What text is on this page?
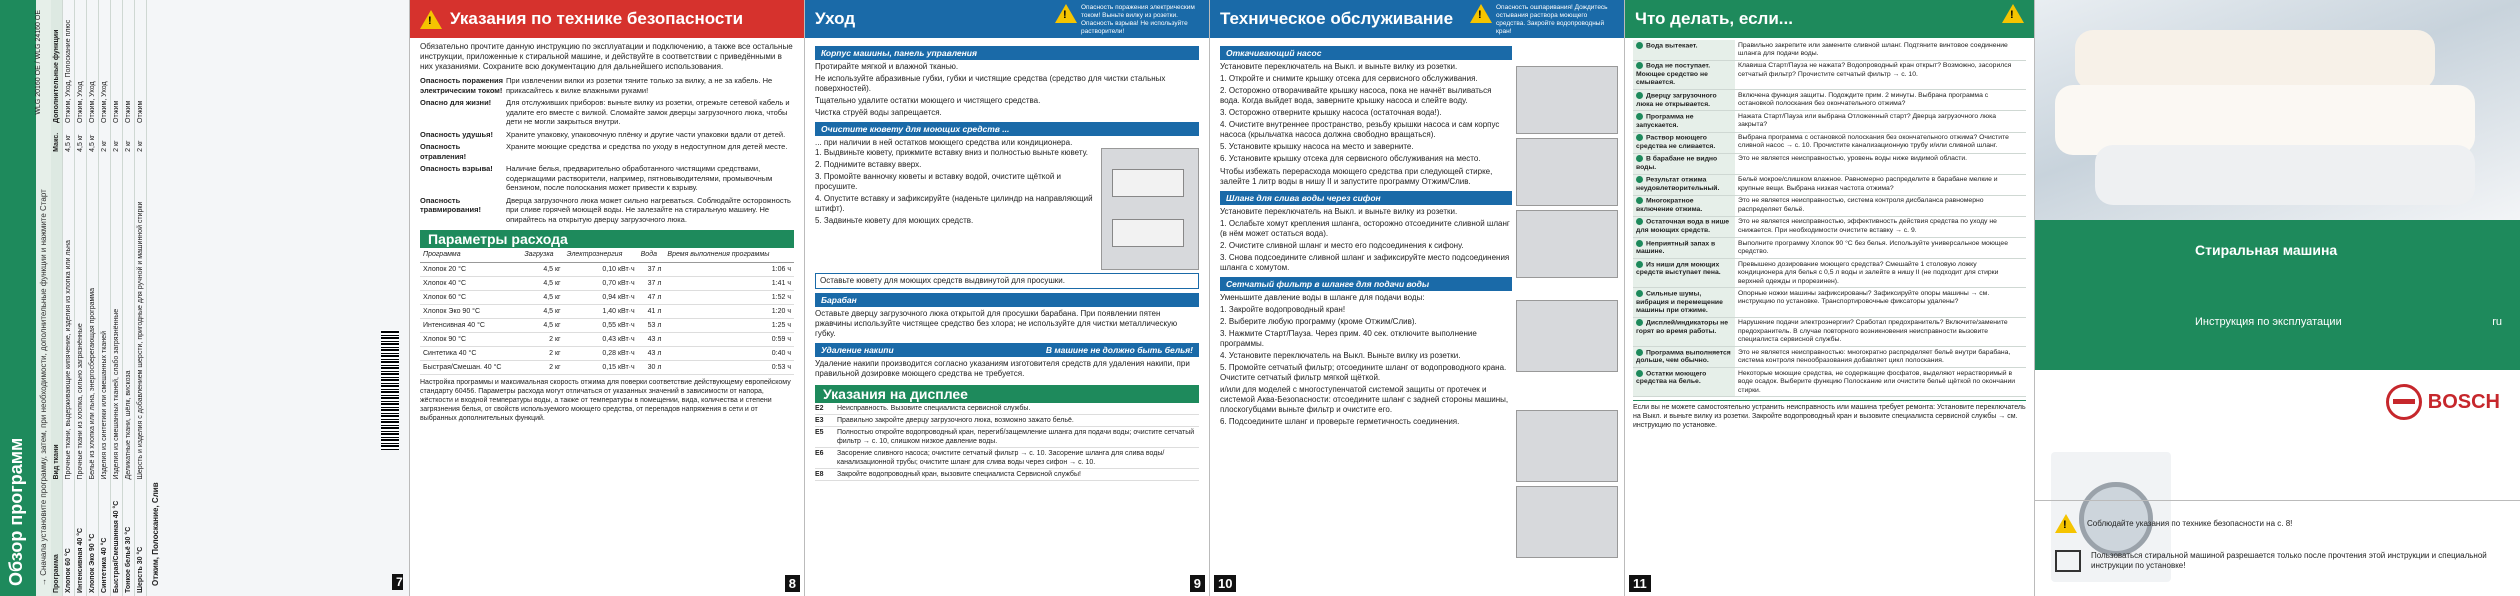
Обзор программ	→ Сначала установите программу, затем, при необходимости, дополнительные функции и нажмите Старт Программа	Вид ткани	Макс.	Дополнительные функции
Хлопок 60 °C	Прочные ткани, выдерживающие кипячение, изделия из хлопка или льна	4,5 кг	Отжим, Уход, Полоскание плюс
Интенсивная 40 °C	Прочные ткани из хлопка, сильно загрязнённые	4,5 кг	Отжим, Уход
Хлопок Эко 90 °C	Бельё из хлопка или льна, энергосберегающая программа	4,5 кг	Отжим, Уход
Синтетика 40 °C	Изделия из синтетики или смешанных тканей	2 кг	Отжим, Уход
Быстрая/Смешанная 40 °C	Изделия из смешанных тканей, слабо загрязнённые	2 кг	Отжим
Тонкое бельё 30 °C	Деликатные ткани, шёлк, вискоза	2 кг	Отжим
Шерсть 30 °C	Шерсть и изделия с добавлением шерсти, пригодные для ручной и машинной стирки	2 кг	Отжим
Отжим, Полоскание, Слив
WLG 20160 OE / WLG 24160 OE
7
! Указания по технике безопасности
Обязательно прочтите данную инструкцию по эксплуатации и подключению, а также все остальные инструкции, приложенные к стиральной машине, и действуйте в соответствии с приведёнными в них указаниями. Сохраните всю документацию для дальнейшего использования.
Опасность поражения электрическим током!
При извлечении вилки из розетки тяните только за вилку, а не за кабель. Не прикасайтесь к вилке влажными руками!
Опасно для жизни!	Для отслуживших приборов: выньте вилку из розетки, отрежьте сетевой кабель и удалите его вместе с вилкой. Сломайте замок дверцы загрузочного люка, чтобы дети не могли закрыться внутри.
Опасность удушья!	Храните упаковку, упаковочную плёнку и другие части упаковки вдали от детей.
Опасность отравления!
Храните моющие средства и средства по уходу в недоступном для детей месте.
Опасность взрыва!	Наличие белья, предварительно обработанного чистящими средствами, содержащими растворители, например, пятновыводителями, промывочным бензином, после полоскания может привести к взрыву.
Опасность травмирования!
Дверца загрузочного люка может сильно нагреваться. Соблюдайте осторожность при сливе горячей моющей воды. Не залезайте на стиральную машину. Не опирайтесь на открытую дверцу загрузочного люка.
Параметры расхода
Программа	Загрузка	Электроэнергия	Вода	Время выполнения программы
Хлопок 20 °C	4,5 кг	0,10 кВт·ч	37 л	1:06 ч
Хлопок 40 °C	4,5 кг	0,70 кВт·ч	37 л	1:41 ч
Хлопок 60 °C	4,5 кг	0,94 кВт·ч	47 л	1:52 ч
Хлопок Эко 90 °C	4,5 кг	1,40 кВт·ч	41 л	1:20 ч
Интенсивная 40 °C	4,5 кг	0,55 кВт·ч	53 л	1:25 ч
Хлопок 90 °C	2 кг	0,43 кВт·ч	43 л	0:59 ч
Синтетика 40 °C	2 кг	0,28 кВт·ч	43 л	0:40 ч
Быстрая/Смешан. 40 °C	2 кг	0,15 кВт·ч	30 л	0:53 ч
Настройка программы и максимальная скорость отжима для поверки соответствие действующему европейскому стандарту 60456. Параметры расхода могут отличаться от указанных значений в зависимости от напора, жёсткости и входной температуры воды, а также от температуры в помещении, вида, количества и степени загрязнения белья, от свойств используемого моющего средства, от перепадов напряжения в сети и от выбранных дополнительных функций.
8
Уход	!
Опасность поражения электрическим током! Выньте вилку из розетки. Опасность взрыва! Не используйте растворители!
Корпус машины, панель управления
Протирайте мягкой и влажной тканью.
Не используйте абразивные губки, губки и чистящие средства (средство для чистки стальных поверхностей).
Тщательно удалите остатки моющего и чистящего средства.
Чистка струёй воды запрещается.
Очистите кювету для моющих средств ...
... при наличии в ней остатков моющего средства или кондиционера.
1. Выдвиньте кювету, прижмите вставку вниз и полностью выньте кювету.
2. Поднимите вставку вверх.
3. Промойте ванночку кюветы и вставку водой, очистите щёткой и просушите.
4. Опустите вставку и зафиксируйте (наденьте цилиндр на направляющий штифт).
5. Задвиньте кювету для моющих средств.
Оставьте кювету для моющих средств выдвинутой для просушки.
Барабан
Оставьте дверцу загрузочного люка открытой для просушки барабана. При появлении пятен ржавчины используйте чистящее средство без хлора; не используйте для чистки металлическую губку.
Удаление накипи	В машине не должно быть белья!
Удаление накипи производится согласно указаниям изготовителя средств для удаления накипи, при правильной дозировке моющего средства не требуется.
Указания на дисплее
E2	Неисправность. Вызовите специалиста сервисной службы.
E3	Правильно закройте дверцу загрузочного люка, возможно зажато бельё.
E5	Полностью откройте водопроводный кран, перегиб/защемление шланга для подачи воды; очистите сетчатый фильтр → с. 10, слишком низкое давление воды.
E6	Засорение сливного насоса; очистите сетчатый фильтр → с. 10. Засорение шланга для слива воды/канализационной трубы; очистите шланг для слива воды через сифон → с. 10.
E8	Закройте водопроводный кран, вызовите специалиста Сервисной службы!
9
Техническое обслуживание !
Опасность ошпаривания! Дождитесь остывания раствора моющего средства. Закройте водопроводный кран!
Откачивающий насос
Установите переключатель на Выкл. и выньте вилку из розетки.
1. Откройте и снимите крышку отсека для сервисного обслуживания.
2. Осторожно отворачивайте крышку насоса, пока не начнёт выливаться вода. Когда выйдет вода, заверните крышку насоса и слейте воду.
3. Осторожно отверните крышку насоса (остаточная вода!).
4. Очистите внутреннее пространство, резьбу крышки насоса и сам корпус насоса (крыльчатка насоса должна свободно вращаться).
5. Установите крышку насоса на место и заверните.
6. Установите крышку отсека для сервисного обслуживания на место.
Чтобы избежать перерасхода моющего средства при следующей стирке, залейте 1 литр воды в нишу II и запустите программу Отжим/Слив.
Шланг для слива воды через сифон
Установите переключатель на Выкл. и выньте вилку из розетки.
1. Ослабьте хомут крепления шланга, осторожно отсоедините сливной шланг (в нём может остаться вода).
2. Очистите сливной шланг и место его подсоединения к сифону.
3. Снова подсоедините сливной шланг и зафиксируйте место подсоединения шланга с хомутом.
Сетчатый фильтр в шланге для подачи воды
Уменьшите давление воды в шланге для подачи воды:
1. Закройте водопроводный кран!
2. Выберите любую программу (кроме Отжим/Слив).
3. Нажмите Старт/Пауза. Через прим. 40 сек. отключите выполнение программы.
4. Установите переключатель на Выкл. Выньте вилку из розетки.
5. Промойте сетчатый фильтр; отсоедините шланг от водопроводного крана. Очистите сетчатый фильтр мягкой щёткой.
и/или для моделей с многоступенчатой системой защиты от протечек и системой Аква-Безопасности: отсоедините шланг с задней стороны машины, плоскогубцами выньте фильтр и очистите его.
6. Подсоедините шланг и проверьте герметичность соединения.
10
Что делать, если...	!
Вода вытекает.	Правильно закрепите или замените сливной шланг. Подтяните винтовое соединение шланга для подачи воды.
Вода не поступает. Моющее средство не смывается.	Клавиша Старт/Пауза не нажата? Водопроводный кран открыт? Возможно, засорился сетчатый фильтр? Прочистите сетчатый фильтр → с. 10.
Дверцу загрузочного люка не открывается.	Включена функция защиты. Подождите прим. 2 минуты. Выбрана программа с остановкой полоскания без окончательного отжима?
Программа не запускается.	Нажата Старт/Пауза или выбрана Отложенный старт? Дверца загрузочного люка закрыта?
Раствор моющего средства не сливается.	Выбрана программа с остановкой полоскания без окончательного отжима? Очистите сливной насос → с. 10. Прочистите канализационную трубу и/или сливной шланг.
В барабане не видно воды.	Это не является неисправностью, уровень воды ниже видимой области.
Результат отжима неудовлетворительный.	Бельё мокрое/слишком влажное. Равномерно распределите в барабане мелкие и крупные вещи. Выбрана низкая частота отжима?
Многократное включение отжима.	Это не является неисправностью, система контроля дисбаланса равномерно распределяет бельё.
Остаточная вода в нише для моющих средств.	Это не является неисправностью, эффективность действия средства по уходу не снижается. При необходимости очистите вставку → с. 9.
Неприятный запах в машине.	Выполните программу Хлопок 90 °C без белья. Используйте универсальное моющее средство.
Из ниши для моющих средств выступает пена.	Превышено дозирование моющего средства? Смешайте 1 столовую ложку кондиционера для белья с 0,5 л воды и залейте в нишу II (не подходит для стирки верхней одежды и прорезинен).
Сильные шумы, вибрация и перемещение машины при отжиме.	Опорные ножки машины зафиксированы? Зафиксируйте опоры машины → см. инструкцию по установке. Транспортировочные фиксаторы удалены?
Дисплей/индикаторы не горят во время работы.	Нарушение подачи электроэнергии? Сработал предохранитель? Включите/замените предохранитель. В случае повторного возникновения неисправности вызовите специалиста сервисной службы.
Программа выполняется дольше, чем обычно.	Это не является неисправностью: многократно распределяет бельё внутри барабана, система контроля пенообразования добавляет цикл полоскания.
Остатки моющего средства на белье.	Некоторые моющие средства, не содержащие фосфатов, выделяют нерастворимый в воде осадок. Выберите функцию Полоскание или очистите бельё щёткой по окончании стирки.
Если вы не можете самостоятельно устранить неисправность или машина требует ремонта: Установите переключатель на Выкл. и выньте вилку из розетки. Закройте водопроводный кран и вызовите специалиста сервисной службы → см. инструкцию по установке.
11
Стиральная машина
Инструкция по эксплуатации	ru
BOSCH
!	Соблюдайте указания по технике безопасности на с. 8!
Пользоваться стиральной машиной разрешается только после прочтения этой инструкции и специальной инструкции по установке!
